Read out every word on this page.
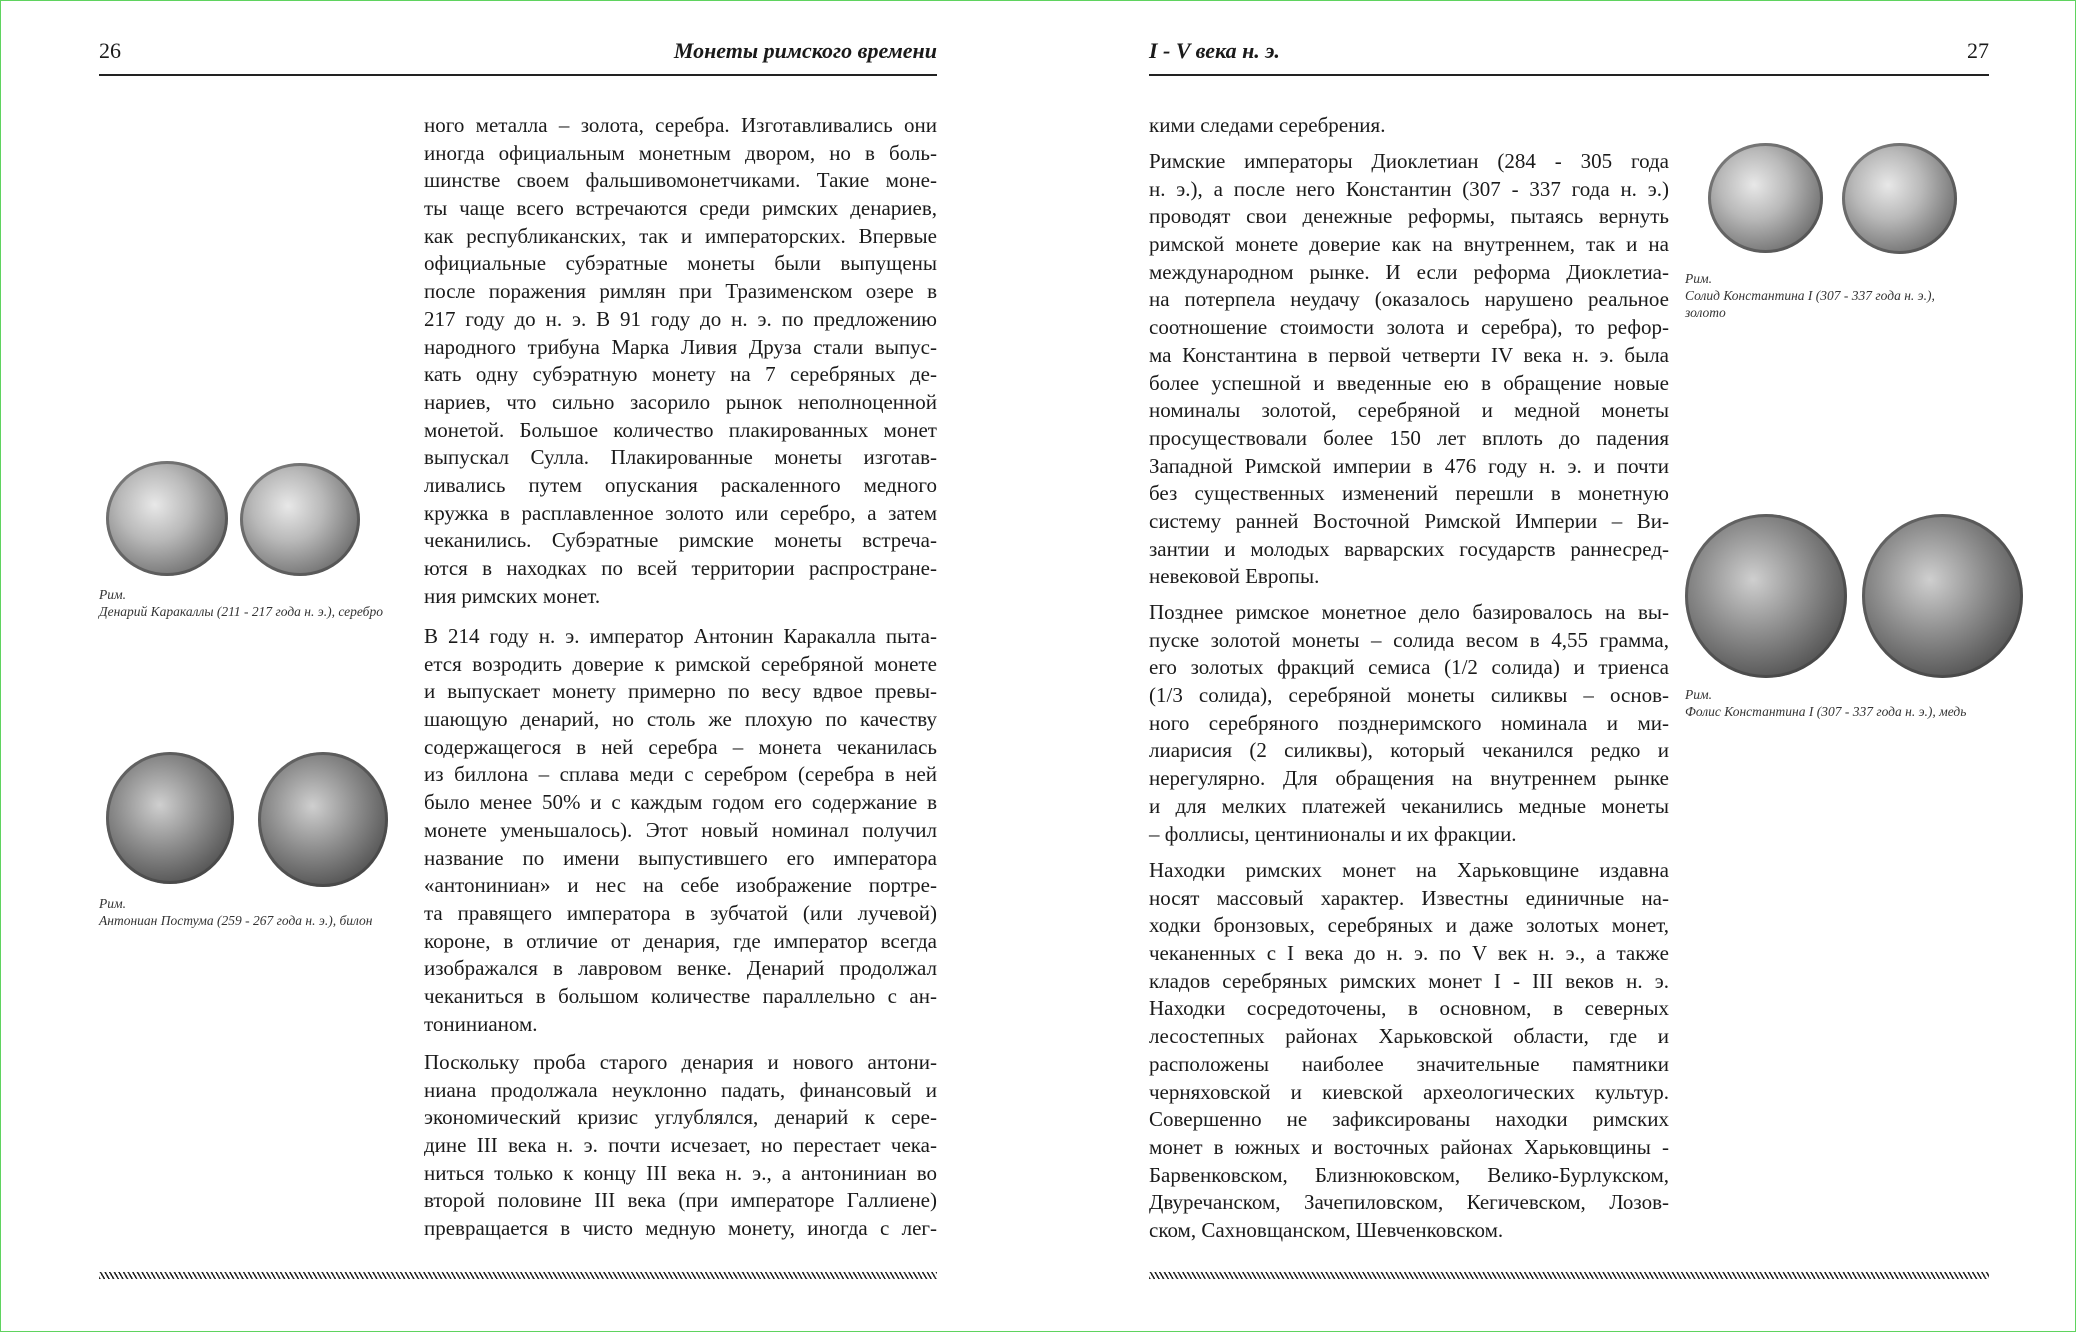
26	Монеты римского времени	I - V века н. э.	27
ного металла – золота, серебра. Изготавливались они
иногда официальным монетным двором, но в боль-
шинстве своем фальшивомонетчиками. Такие моне-
ты чаще всего встречаются среди римских денариев,
как республиканских, так и императорских. Впервые
официальные субэратные монеты были выпущены
после поражения римлян при Тразименском озере в
217 году до н. э. В 91 году до н. э. по предложению
народного трибуна Марка Ливия Друза стали выпус-
кать одну субэратную монету на 7 серебряных де-
нариев, что сильно засорило рынок неполноценной
монетой. Большое количество плакированных монет
выпускал Сулла. Плакированные монеты изготав-
ливались путем опускания раскаленного медного
кружка в расплавленное золото или серебро, а затем
чеканились. Субэратные римские монеты встреча-
ются в находках по всей территории распростране-
ния римских монет.
В 214 году н. э. император Антонин Каракалла пыта-
ется возродить доверие к римской серебряной монете
и выпускает монету примерно по весу вдвое превы-
шающую денарий, но столь же плохую по качеству
содержащегося в ней серебра – монета чеканилась
из биллона – сплава меди с серебром (серебра в ней
было менее 50% и с каждым годом его содержание в
монете уменьшалось). Этот новый номинал получил
название по имени выпустившего его императора
«антониниан» и нес на себе изображение портре-
та правящего императора в зубчатой (или лучевой)
короне, в отличие от денария, где император всегда
изображался в лавровом венке. Денарий продолжал
чеканиться в большом количестве параллельно с ан-
тонинианом.
Поскольку проба старого денария и нового антони-
ниана продолжала неуклонно падать, финансовый и
экономический кризис углублялся, денарий к сере-
дине III века н. э. почти исчезает, но перестает чека-
ниться только к концу III века н. э., а антониниан во
второй половине III века (при императоре Галлиене)
превращается в чисто медную монету, иногда с лег-
кими следами серебрения.
Римские императоры Диоклетиан (284 - 305 года
н. э.), а после него Константин (307 - 337 года н. э.)
проводят свои денежные реформы, пытаясь вернуть
римской монете доверие как на внутреннем, так и на
международном рынке. И если реформа Диоклетиа-
на потерпела неудачу (оказалось нарушено реальное
соотношение стоимости золота и серебра), то рефор-
ма Константина в первой четверти IV века н. э. была
более успешной и введенные ею в обращение новые
номиналы золотой, серебряной и медной монеты
просуществовали более 150 лет вплоть до падения
Западной Римской империи в 476 году н. э. и почти
без существенных изменений перешли в монетную
систему ранней Восточной Римской Империи – Ви-
зантии и молодых варварских государств раннесред-
невековой Европы.
Позднее римское монетное дело базировалось на вы-
пуске золотой монеты – солида весом в 4,55 грамма,
его золотых фракций семиса (1/2 солида) и триенса
(1/3 солида), серебряной монеты силиквы – основ-
ного серебряного позднеримского номинала и ми-
лиарисия (2 силиквы), который чеканился редко и
нерегулярно. Для обращения на внутреннем рынке
и для мелких платежей чеканились медные монеты
– фоллисы, центинионалы и их фракции.
Находки римских монет на Харьковщине издавна
носят массовый характер. Известны единичные на-
ходки бронзовых, серебряных и даже золотых монет,
чеканенных с I века до н. э. по V век н. э., а также
кладов серебряных римских монет I - III веков н. э.
Находки сосредоточены, в основном, в северных
лесостепных районах Харьковской области, где и
расположены наиболее значительные памятники
черняховской и киевской археологических культур.
Совершенно не зафиксированы находки римских
монет в южных и восточных районах Харьковщины -
Барвенковском, Близнюковском, Велико-Бурлукском,
Двуречанском, Зачепиловском, Кегичевском, Лозов-
ском, Сахновщанском, Шевченковском.
Рим.
Денарий Каракаллы (211 - 217 года н. э.), серебро
Рим.
Антониан Постума (259 - 267 года н. э.), билон
Рим.
Солид Константина I (307 - 337 года н. э.),
золото
Рим.
Фолис Константина I (307 - 337 года н. э.), медь
